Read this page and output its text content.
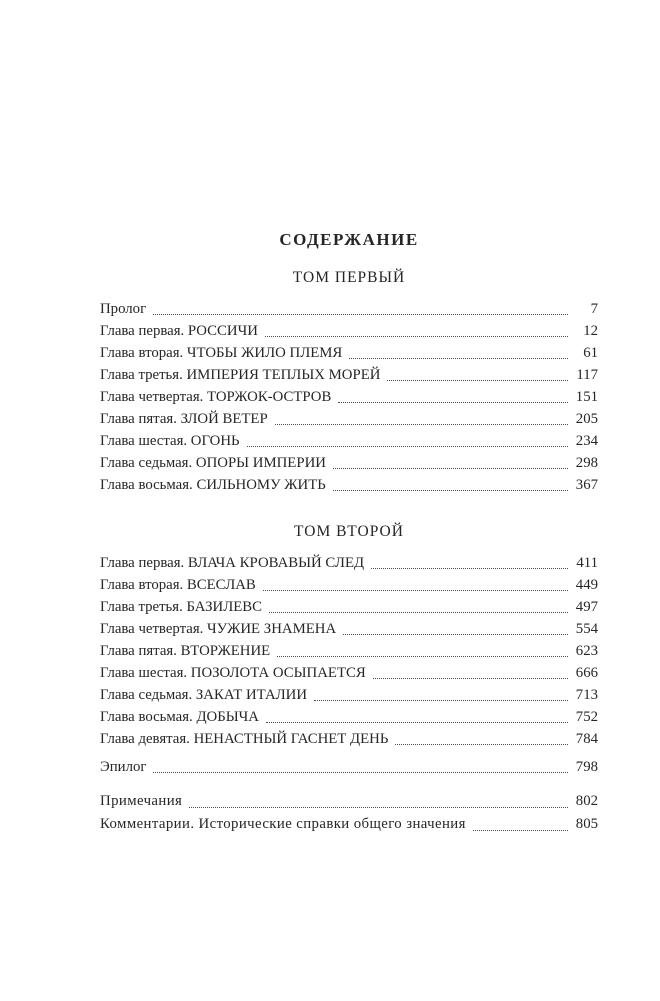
СОДЕРЖАНИЕ
ТОМ ПЕРВЫЙ
Пролог	7
Глава первая. РОССИЧИ	12
Глава вторая. ЧТОБЫ ЖИЛО ПЛЕМЯ	61
Глава третья. ИМПЕРИЯ ТЕПЛЫХ МОРЕЙ	117
Глава четвертая. ТОРЖОК-ОСТРОВ	151
Глава пятая. ЗЛОЙ ВЕТЕР	205
Глава шестая. ОГОНЬ	234
Глава седьмая. ОПОРЫ ИМПЕРИИ	298
Глава восьмая. СИЛЬНОМУ ЖИТЬ	367
ТОМ ВТОРОЙ
Глава первая. ВЛАЧА КРОВАВЫЙ СЛЕД	411
Глава вторая. ВСЕСЛАВ	449
Глава третья. БАЗИЛЕВС	497
Глава четвертая. ЧУЖИЕ ЗНАМЕНА	554
Глава пятая. ВТОРЖЕНИЕ	623
Глава шестая. ПОЗОЛОТА ОСЫПАЕТСЯ	666
Глава седьмая. ЗАКАТ ИТАЛИИ	713
Глава восьмая. ДОБЫЧА	752
Глава девятая. НЕНАСТНЫЙ ГАСНЕТ ДЕНЬ	784
Эпилог	798
Примечания	802
Комментарии. Исторические справки общего значения	805
